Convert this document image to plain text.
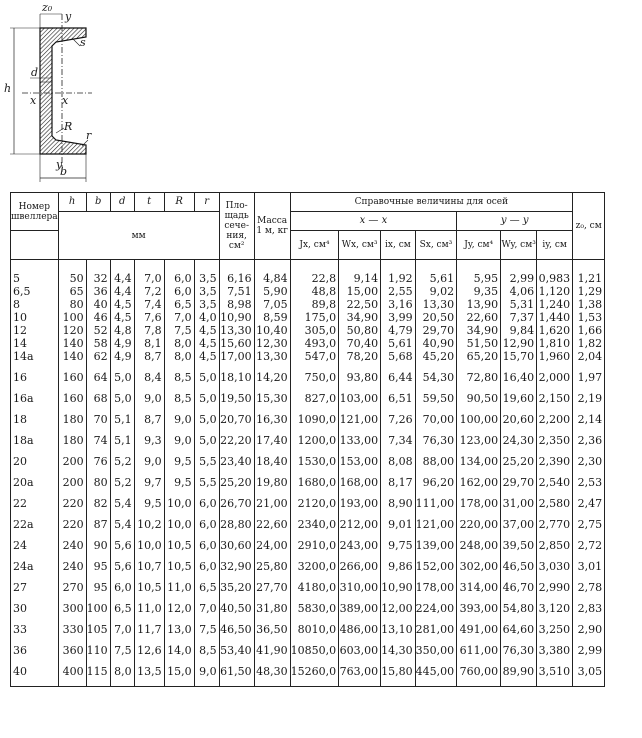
z₀
y
s
h
d
x x
R
r
y
b
Номер швеллера	h	b	d	t	R	r	Пло-щадь сече-ния, см²	Масса 1 м, кг	Справочные величины для осей							z₀, см
	мм								x — x				y — y			
									Jx, см⁴	Wx, см³	ix, см	Sx, см³	Jy, см⁴	Wy, см³	iy, см	

5	50	32	4,4	7,0	6,0	3,5	6,16	4,84	22,8	9,14	1,92	5,61	5,95	2,99	0,983	1,21
6,5	65	36	4,4	7,2	6,0	3,5	7,51	5,90	48,8	15,00	2,55	9,02	9,35	4,06	1,120	1,29
8	80	40	4,5	7,4	6,5	3,5	8,98	7,05	89,8	22,50	3,16	13,30	13,90	5,31	1,240	1,38
10	100	46	4,5	7,6	7,0	4,0	10,90	8,59	175,0	34,90	3,99	20,50	22,60	7,37	1,440	1,53
12	120	52	4,8	7,8	7,5	4,5	13,30	10,40	305,0	50,80	4,79	29,70	34,90	9,84	1,620	1,66
14	140	58	4,9	8,1	8,0	4,5	15,60	12,30	493,0	70,40	5,61	40,90	51,50	12,90	1,810	1,82
14a	140	62	4,9	8,7	8,0	4,5	17,00	13,30	547,0	78,20	5,68	45,20	65,20	15,70	1,960	2,04
16	160	64	5,0	8,4	8,5	5,0	18,10	14,20	750,0	93,80	6,44	54,30	72,80	16,40	2,000	1,97
16a	160	68	5,0	9,0	8,5	5,0	19,50	15,30	827,0	103,00	6,51	59,50	90,50	19,60	2,150	2,19
18	180	70	5,1	8,7	9,0	5,0	20,70	16,30	1090,0	121,00	7,26	70,00	100,00	20,60	2,200	2,14
18a	180	74	5,1	9,3	9,0	5,0	22,20	17,40	1200,0	133,00	7,34	76,30	123,00	24,30	2,350	2,36
20	200	76	5,2	9,0	9,5	5,5	23,40	18,40	1530,0	153,00	8,08	88,00	134,00	25,20	2,390	2,30
20a	200	80	5,2	9,7	9,5	5,5	25,20	19,80	1680,0	168,00	8,17	96,20	162,00	29,70	2,540	2,53
22	220	82	5,4	9,5	10,0	6,0	26,70	21,00	2120,0	193,00	8,90	111,00	178,00	31,00	2,580	2,47
22a	220	87	5,4	10,2	10,0	6,0	28,80	22,60	2340,0	212,00	9,01	121,00	220,00	37,00	2,770	2,75
24	240	90	5,6	10,0	10,5	6,0	30,60	24,00	2910,0	243,00	9,75	139,00	248,00	39,50	2,850	2,72
24a	240	95	5,6	10,7	10,5	6,0	32,90	25,80	3200,0	266,00	9,86	152,00	302,00	46,50	3,030	3,01
27	270	95	6,0	10,5	11,0	6,5	35,20	27,70	4180,0	310,00	10,90	178,00	314,00	46,70	2,990	2,78
30	300	100	6,5	11,0	12,0	7,0	40,50	31,80	5830,0	389,00	12,00	224,00	393,00	54,80	3,120	2,83
33	330	105	7,0	11,7	13,0	7,5	46,50	36,50	8010,0	486,00	13,10	281,00	491,00	64,60	3,250	2,90
36	360	110	7,5	12,6	14,0	8,5	53,40	41,90	10850,0	603,00	14,30	350,00	611,00	76,30	3,380	2,99
40	400	115	8,0	13,5	15,0	9,0	61,50	48,30	15260,0	763,00	15,80	445,00	760,00	89,90	3,510	3,05
